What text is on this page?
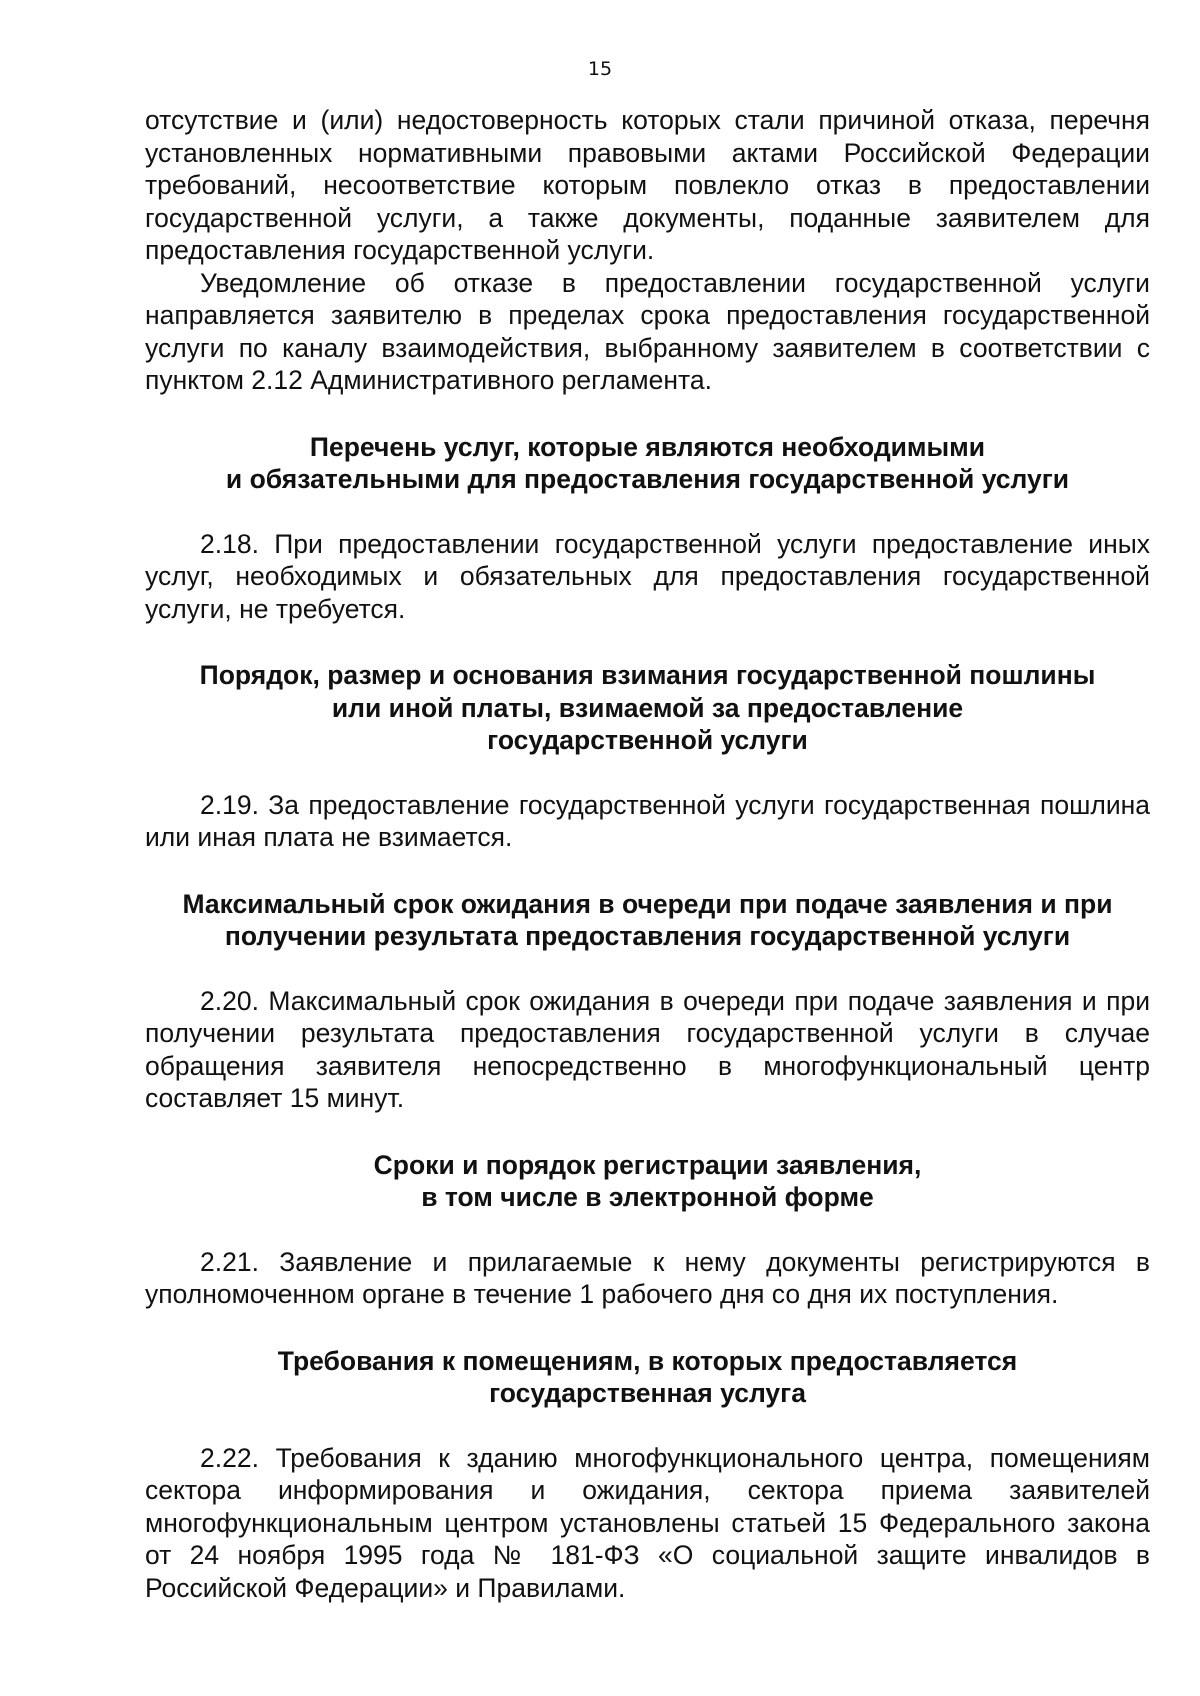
15

отсутствие и (или) недостоверность которых стали причиной отказа, перечня установленных нормативными правовыми актами Российской Федерации требований, несоответствие которым повлекло отказ в предоставлении государственной услуги, а также документы, поданные заявителем для предоставления государственной услуги.

Уведомление об отказе в предоставлении государственной услуги направляется заявителю в пределах срока предоставления государственной услуги по каналу взаимодействия, выбранному заявителем в соответствии с пунктом 2.12 Административного регламента.

Перечень услуг, которые являются необходимыми
и обязательными для предоставления государственной услуги

2.18. При предоставлении государственной услуги предоставление иных услуг, необходимых и обязательных для предоставления государственной услуги, не требуется.

Порядок, размер и основания взимания государственной пошлины
или иной платы, взимаемой за предоставление
государственной услуги

2.19. За предоставление государственной услуги государственная пошлина или иная плата не взимается.

Максимальный срок ожидания в очереди при подаче заявления и при
получении результата предоставления государственной услуги

2.20. Максимальный срок ожидания в очереди при подаче заявления и при получении результата предоставления государственной услуги в случае обращения заявителя непосредственно в многофункциональный центр составляет 15 минут.

Сроки и порядок регистрации заявления,
в том числе в электронной форме

2.21. Заявление и прилагаемые к нему документы регистрируются в уполномоченном органе в течение 1 рабочего дня со дня их поступления.

Требования к помещениям, в которых предоставляется
государственная услуга

2.22. Требования к зданию многофункционального центра, помещениям сектора информирования и ожидания, сектора приема заявителей многофункциональным центром установлены статьей 15 Федерального закона от 24 ноября 1995 года № 181-ФЗ «О социальной защите инвалидов в Российской Федерации» и Правилами.
